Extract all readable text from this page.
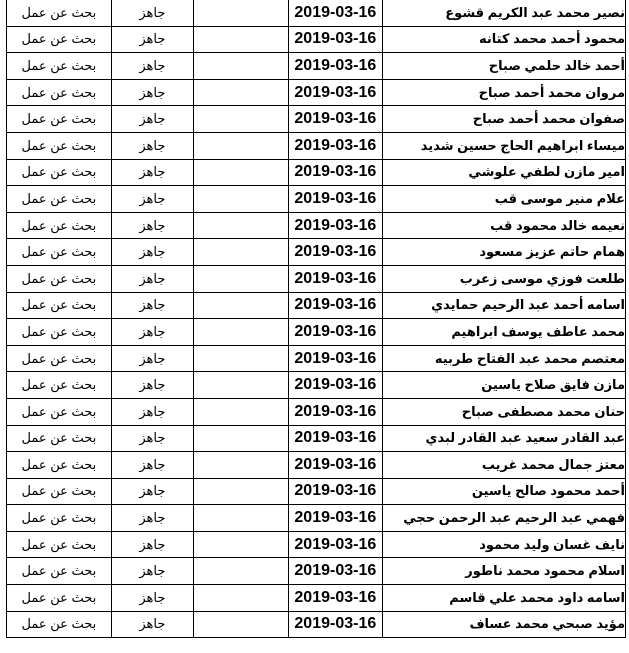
نصير محمد عبد الكريم قشوع	2019-03-16		جاهز	بحث عن عمل
محمود أحمد محمد كتانه	2019-03-16		جاهز	بحث عن عمل
أحمد خالد حلمي صباح	2019-03-16		جاهز	بحث عن عمل
مروان محمد أحمد صباح	2019-03-16		جاهز	بحث عن عمل
صفوان محمد أحمد صباح	2019-03-16		جاهز	بحث عن عمل
ميساء ابراهيم الحاج حسين شديد	2019-03-16		جاهز	بحث عن عمل
امير مازن لطفي علوشي	2019-03-16		جاهز	بحث عن عمل
علام منير موسى قب	2019-03-16		جاهز	بحث عن عمل
نعيمه خالد محمود قب	2019-03-16		جاهز	بحث عن عمل
همام حاتم عزيز مسعود	2019-03-16		جاهز	بحث عن عمل
طلعت فوزي موسى زعرب	2019-03-16		جاهز	بحث عن عمل
اسامه أحمد عبد الرحيم حمايدي	2019-03-16		جاهز	بحث عن عمل
محمد عاطف يوسف ابراهيم	2019-03-16		جاهز	بحث عن عمل
معتصم محمد عبد الفتاح طربيه	2019-03-16		جاهز	بحث عن عمل
مازن فايق صلاح ياسين	2019-03-16		جاهز	بحث عن عمل
حنان محمد مصطفى صباح	2019-03-16		جاهز	بحث عن عمل
عبد القادر سعيد عبد القادر لبدي	2019-03-16		جاهز	بحث عن عمل
معتز جمال محمد غريب	2019-03-16		جاهز	بحث عن عمل
أحمد محمود صالح ياسين	2019-03-16		جاهز	بحث عن عمل
فهمي عبد الرحيم عبد الرحمن حجي	2019-03-16		جاهز	بحث عن عمل
نايف غسان وليد محمود	2019-03-16		جاهز	بحث عن عمل
اسلام محمود محمد ناطور	2019-03-16		جاهز	بحث عن عمل
اسامه داود محمد علي قاسم	2019-03-16		جاهز	بحث عن عمل
مؤيد صبحي محمد عساف	2019-03-16		جاهز	بحث عن عمل
